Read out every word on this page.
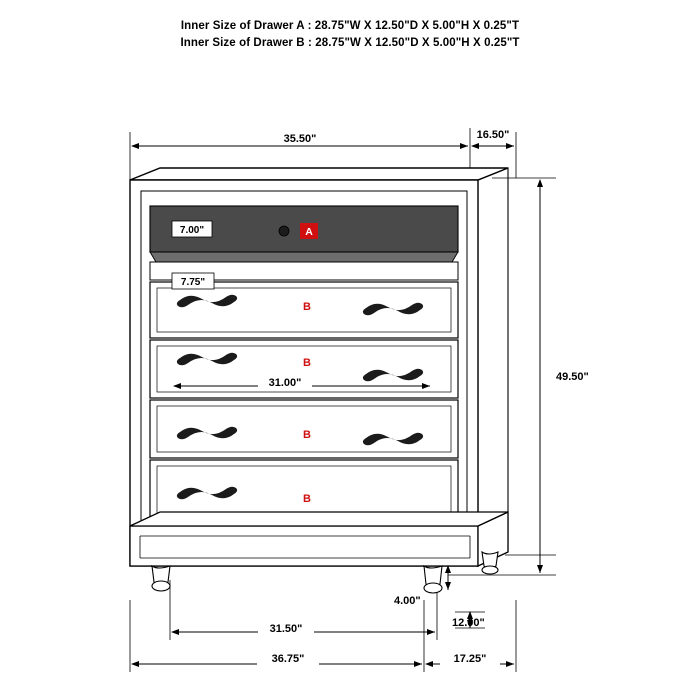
Inner Size of Drawer A : 28.75"W X 12.50"D X 5.00"H X 0.25"T
Inner Size of Drawer B : 28.75"W X 12.50"D X 5.00"H X 0.25"T
35.50"	16.50"
49.50"
7.00"	A
B
7.75"
B
31.00"
B
B
4.00"
12.00"
31.50"
36.75"	17.25"
